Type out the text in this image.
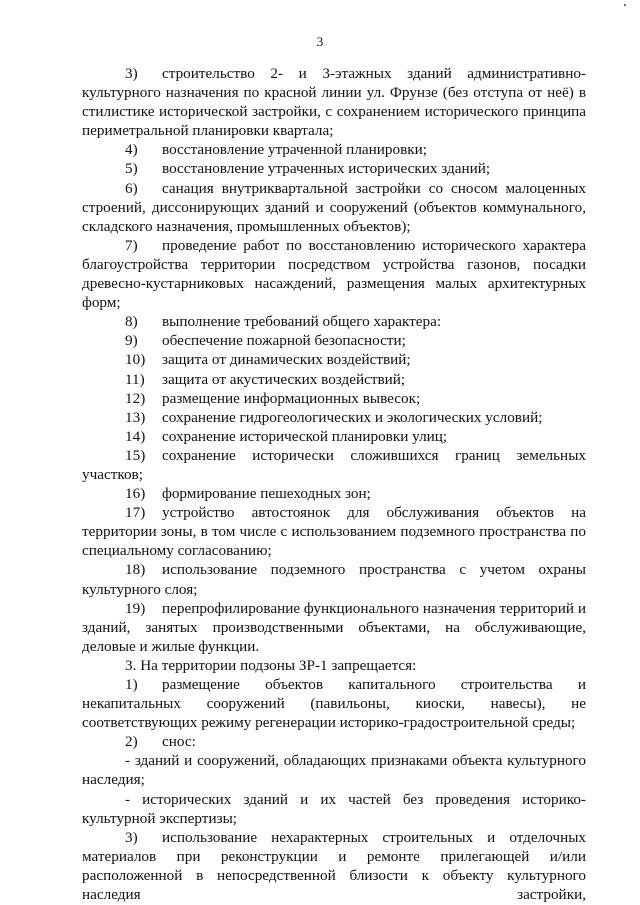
3

3) строительство 2- и 3-этажных зданий административно-культурного назначения по красной линии ул. Фрунзе (без отступа от неё) в стилистике исторической застройки, с сохранением исторического принципа периметральной планировки квартала;

4) восстановление утраченной планировки;

5) восстановление утраченных исторических зданий;

6) санация внутриквартальной застройки со сносом малоценных строений, диссонирующих зданий и сооружений (объектов коммунального, складского назначения, промышленных объектов);

7) проведение работ по восстановлению исторического характера благоустройства территории посредством устройства газонов, посадки древесно-кустарниковых насаждений, размещения малых архитектурных форм;

8) выполнение требований общего характера:

9) обеспечение пожарной безопасности;

10) защита от динамических воздействий;

11) защита от акустических воздействий;

12) размещение информационных вывесок;

13) сохранение гидрогеологических и экологических условий;

14) сохранение исторической планировки улиц;

15) сохранение исторически сложившихся границ земельных участков;

16) формирование пешеходных зон;

17) устройство автостоянок для обслуживания объектов на территории зоны, в том числе с использованием подземного пространства по специальному согласованию;

18) использование подземного пространства с учетом охраны культурного слоя;

19) перепрофилирование функционального назначения территорий и зданий, занятых производственными объектами, на обслуживающие, деловые и жилые функции.

3. На территории подзоны ЗР-1 запрещается:

1) размещение объектов капитального строительства и некапитальных сооружений (павильоны, киоски, навесы), не соответствующих режиму регенерации историко-градостроительной среды;

2) снос:

- зданий и сооружений, обладающих признаками объекта культурного наследия;

- исторических зданий и их частей без проведения историко-культурной экспертизы;

3) использование нехарактерных строительных и отделочных материалов при реконструкции и ремонте прилегающей и/или расположенной в непосредственной близости к объекту культурного наследия застройки,
